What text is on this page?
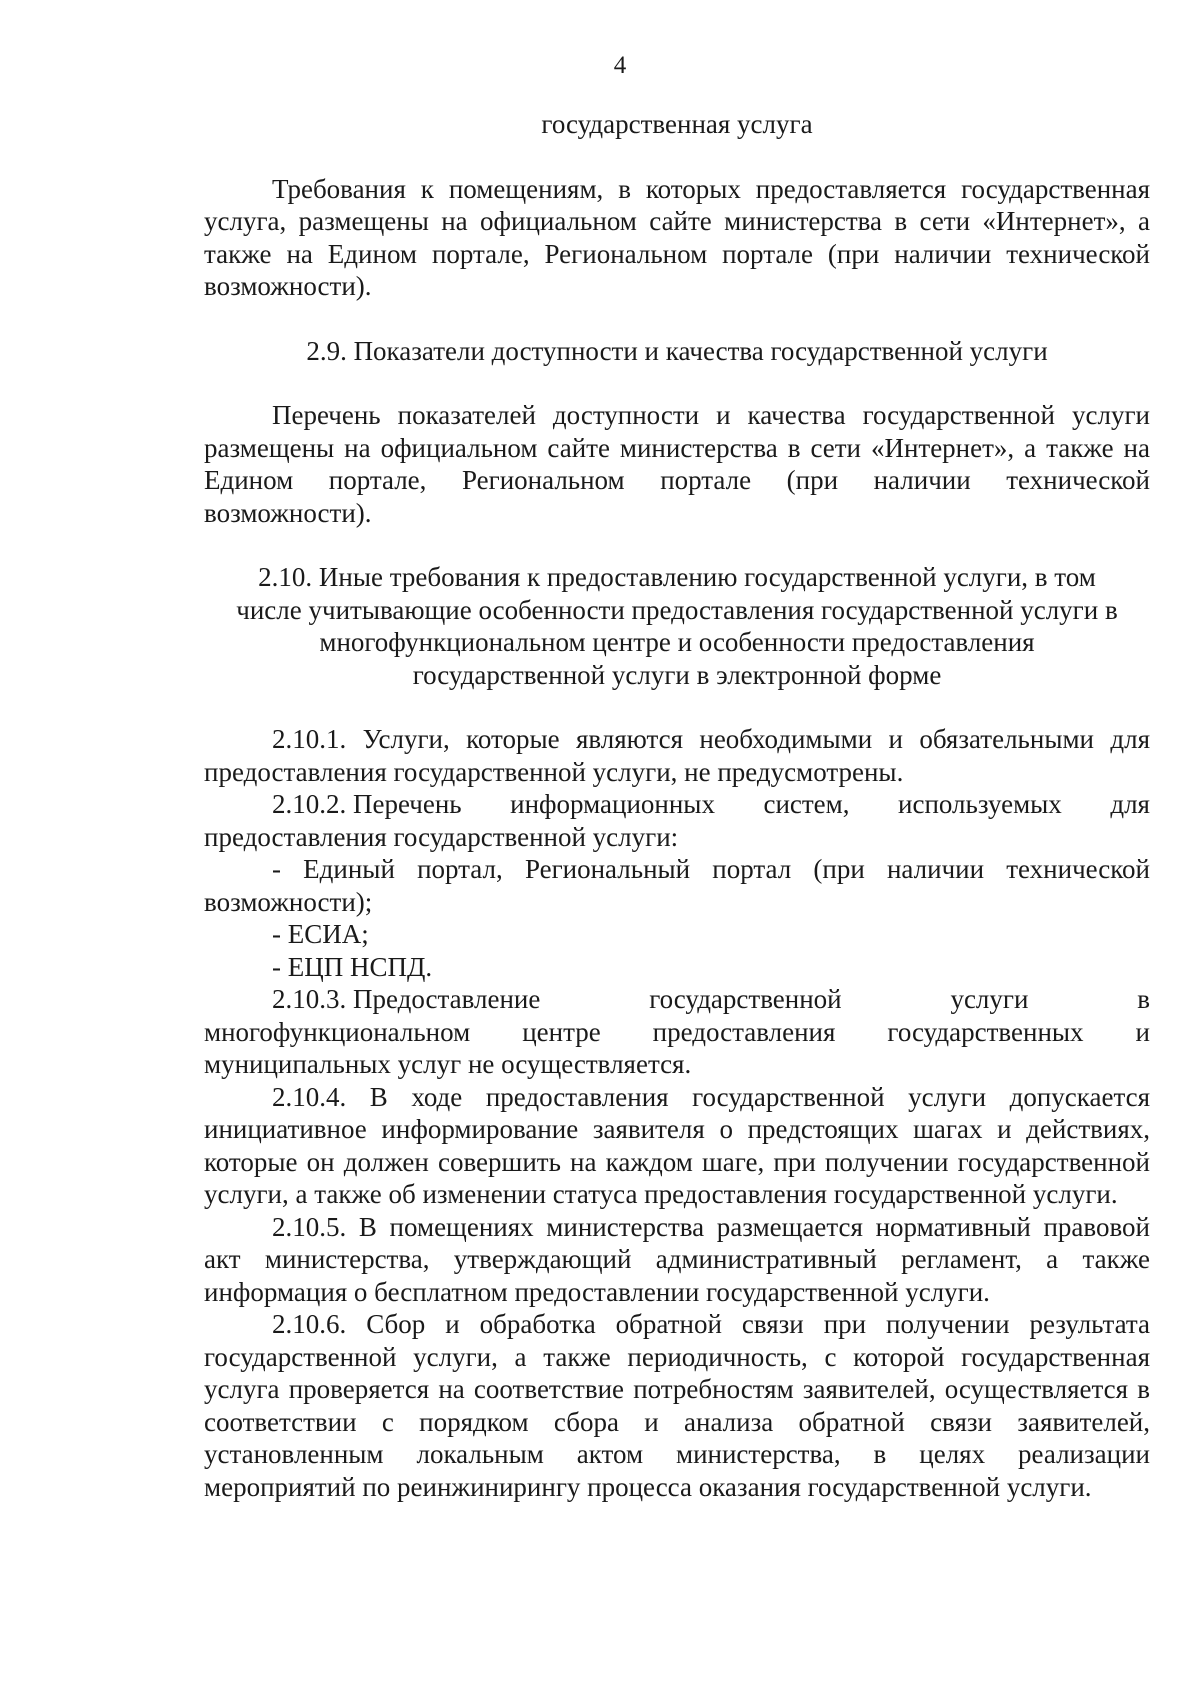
4
государственная услуга

Требования к помещениям, в которых предоставляется государственная услуга, размещены на официальном сайте министерства в сети «Интернет», а также на Едином портале, Региональном портале (при наличии технической возможности).

2.9. Показатели доступности и качества государственной услуги

Перечень показателей доступности и качества государственной услуги размещены на официальном сайте министерства в сети «Интернет», а также на Едином портале, Региональном портале (при наличии технической возможности).

2.10. Иные требования к предоставлению государственной услуги, в том
числе учитывающие особенности предоставления государственной услуги в
многофункциональном центре и особенности предоставления
государственной услуги в электронной форме

2.10.1. Услуги, которые являются необходимыми и обязательными для предоставления государственной услуги, не предусмотрены.

2.10.2. Перечень информационных систем, используемых для

предоставления государственной услуги:

- Единый портал, Региональный портал (при наличии технической возможности);

- ЕСИА;

- ЕЦП НСПД.

2.10.3. Предоставление	государственной	услуги	в
многофункциональном центре предоставления государственных и

муниципальных услуг не осуществляется.

2.10.4. В ходе предоставления государственной услуги допускается инициативное информирование заявителя о предстоящих шагах и действиях, которые он должен совершить на каждом шаге, при получении государственной услуги, а также об изменении статуса предоставления государственной услуги.

2.10.5. В помещениях министерства размещается нормативный правовой акт министерства, утверждающий административный регламент, а также информация о бесплатном предоставлении государственной услуги.

2.10.6. Сбор и обработка обратной связи при получении результата государственной услуги, а также периодичность, с которой государственная услуга проверяется на соответствие потребностям заявителей, осуществляется в соответствии с порядком сбора и анализа обратной связи заявителей, установленным локальным актом министерства, в целях реализации мероприятий по реинжинирингу процесса оказания государственной услуги.
